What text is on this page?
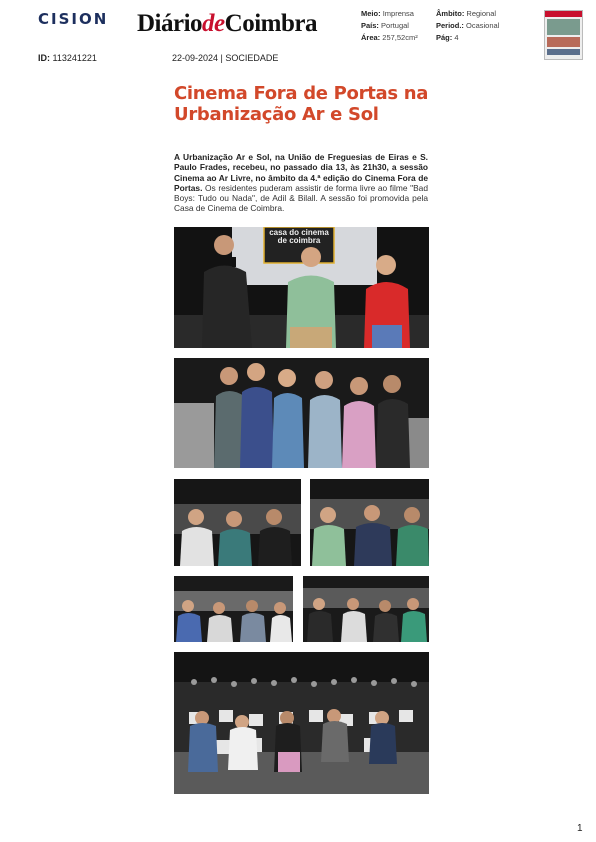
CISION DiáriodeCoimbra	Meio: Imprensa
País: Portugal
Área: 257,52cm²
Âmbito: Regional
Period.: Ocasional
Pág: 4
ID: 113241221	22-09-2024 | SOCIEDADE
Cinema Fora de Portas na Urbanização Ar e Sol
A Urbanização Ar e Sol, na União de Freguesias de Eiras e S. Paulo Frades, recebeu, no passado dia 13, às 21h30, a sessão Cinema ao Ar Livre, no âmbito da 4.ª edição do Cinema Fora de Portas. Os residentes puderam assistir de forma livre ao filme "Bad Boys: Tudo ou Nada", de Adil & Bilall. A sessão foi promovida pela Casa de Cinema de Coimbra.
casa do cinema de coimbra
1
